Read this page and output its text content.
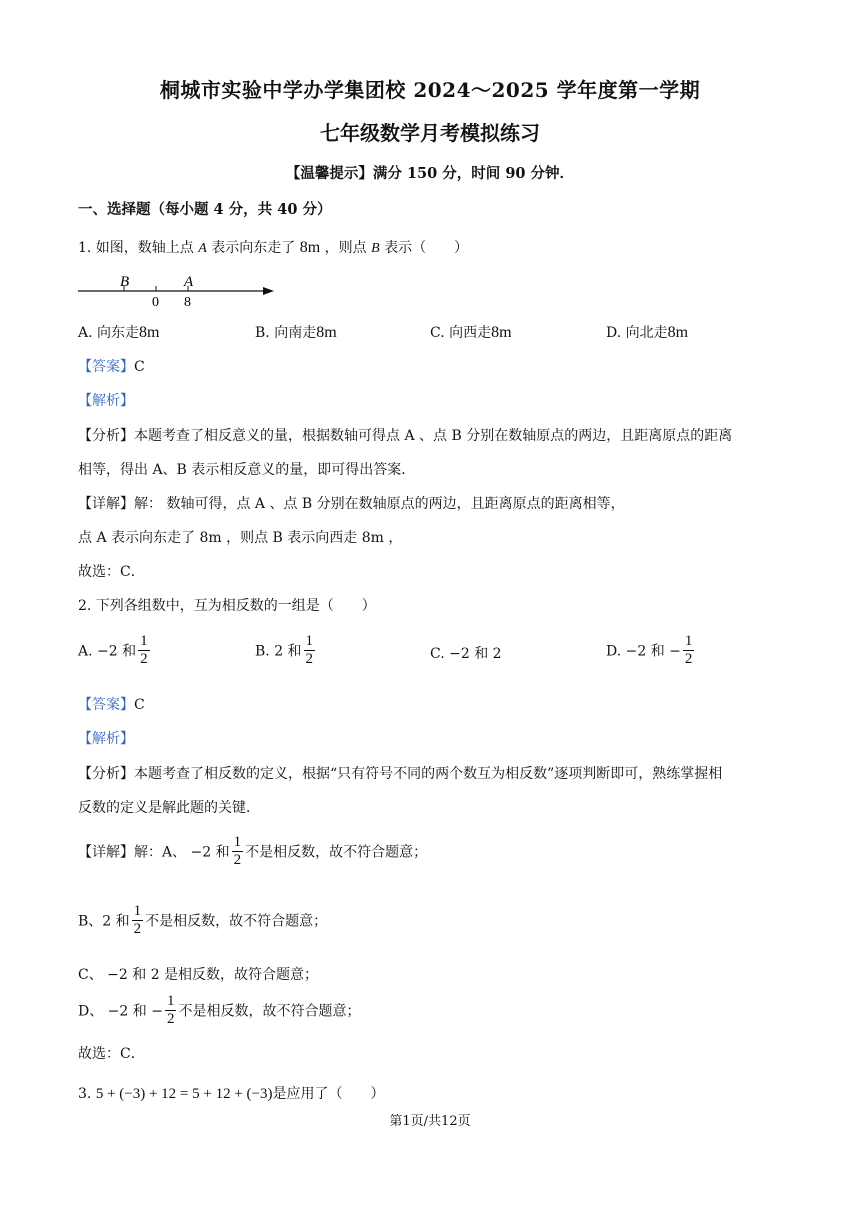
桐城市实验中学办学集团校 2024～2025 学年度第一学期
七年级数学月考模拟练习
【温馨提示】满分 150 分，时间 90 分钟．
一、选择题（每小题 4 分，共 40 分）
1. 如图，数轴上点 A 表示向东走了 8m ，则点 B 表示（　　）
B	A
0 8
A. 向东走8m	B. 向南走8m	C. 向西走8m	D. 向北走8m
【答案】C
【解析】
【分析】本题考查了相反意义的量，根据数轴可得点 A 、点 B 分别在数轴原点的两边，且距离原点的距离
相等，得出 A、B 表示相反意义的量，即可得出答案．
【详解】解： 数轴可得，点 A 、点 B 分别在数轴原点的两边，且距离原点的距离相等，
点 A 表示向东走了 8m ，则点 B 表示向西走 8m ，
故选：C．
2. 下列各组数中，互为相反数的一组是（　　）
A. −2 和 $\frac{1}{2}$	B. 2 和 $\frac{1}{2}$	C. −2 和 2	D. −2 和 − $\frac{1}{2}$
【答案】C
【解析】
【分析】本题考查了相反数的定义，根据“只有符号不同的两个数互为相反数”逐项判断即可，熟练掌握相
反数的定义是解此题的关键．
【详解】解：A、 −2 和 $\frac{1}{2}$ 不是相反数，故不符合题意；
B、2 和 $\frac{1}{2}$ 不是相反数，故不符合题意；
C、 −2 和 2 是相反数，故符合题意；
D、 −2 和 − $\frac{1}{2}$ 不是相反数，故不符合题意；
故选：C．
3. 5 + (−3) + 12 = 5 + 12 + (−3)是应用了（　　）
第1页/共12页
